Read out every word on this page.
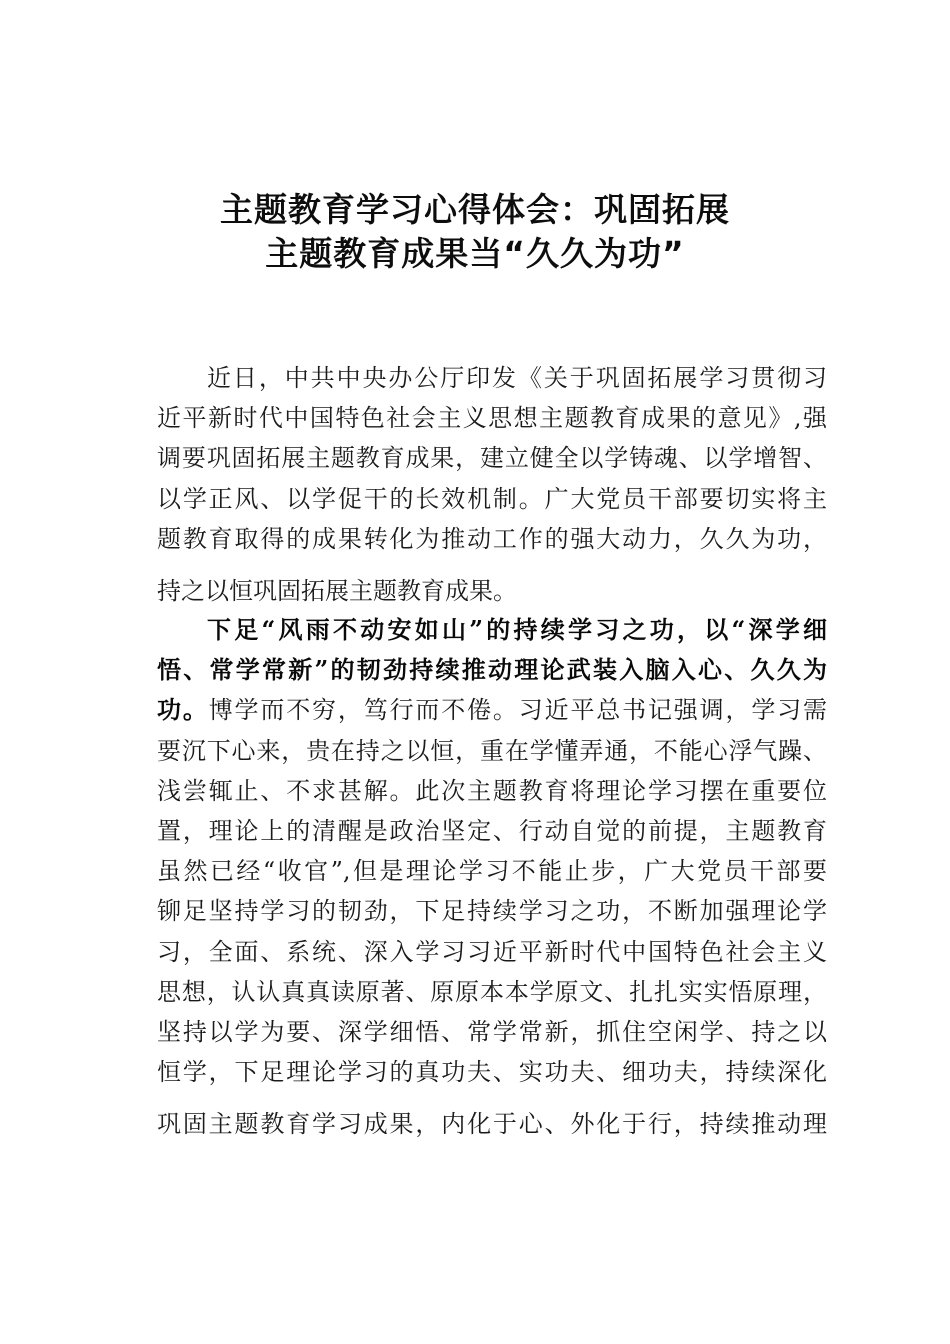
主题教育学习心得体会：巩固拓展
主题教育成果当“久久为功”
近日，中共中央办公厅印发《关于巩固拓展学习贯彻习
近平新时代中国特色社会主义思想主题教育成果的意见》,强
调要巩固拓展主题教育成果，建立健全以学铸魂、以学增智、
以学正风、以学促干的长效机制。广大党员干部要切实将主
题教育取得的成果转化为推动工作的强大动力，久久为功，
持之以恒巩固拓展主题教育成果。
下足“风雨不动安如山”的持续学习之功，以“深学细
悟、常学常新”的韧劲持续推动理论武装入脑入心、久久为
功。博学而不穷，笃行而不倦。习近平总书记强调，学习需
要沉下心来，贵在持之以恒，重在学懂弄通，不能心浮气躁、
浅尝辄止、不求甚解。此次主题教育将理论学习摆在重要位
置，理论上的清醒是政治坚定、行动自觉的前提，主题教育
虽然已经“收官”,但是理论学习不能止步，广大党员干部要
铆足坚持学习的韧劲，下足持续学习之功，不断加强理论学
习，全面、系统、深入学习习近平新时代中国特色社会主义
思想，认认真真读原著、原原本本学原文、扎扎实实悟原理，
坚持以学为要、深学细悟、常学常新，抓住空闲学、持之以
恒学，下足理论学习的真功夫、实功夫、细功夫，持续深化
巩固主题教育学习成果，内化于心、外化于行，持续推动理
